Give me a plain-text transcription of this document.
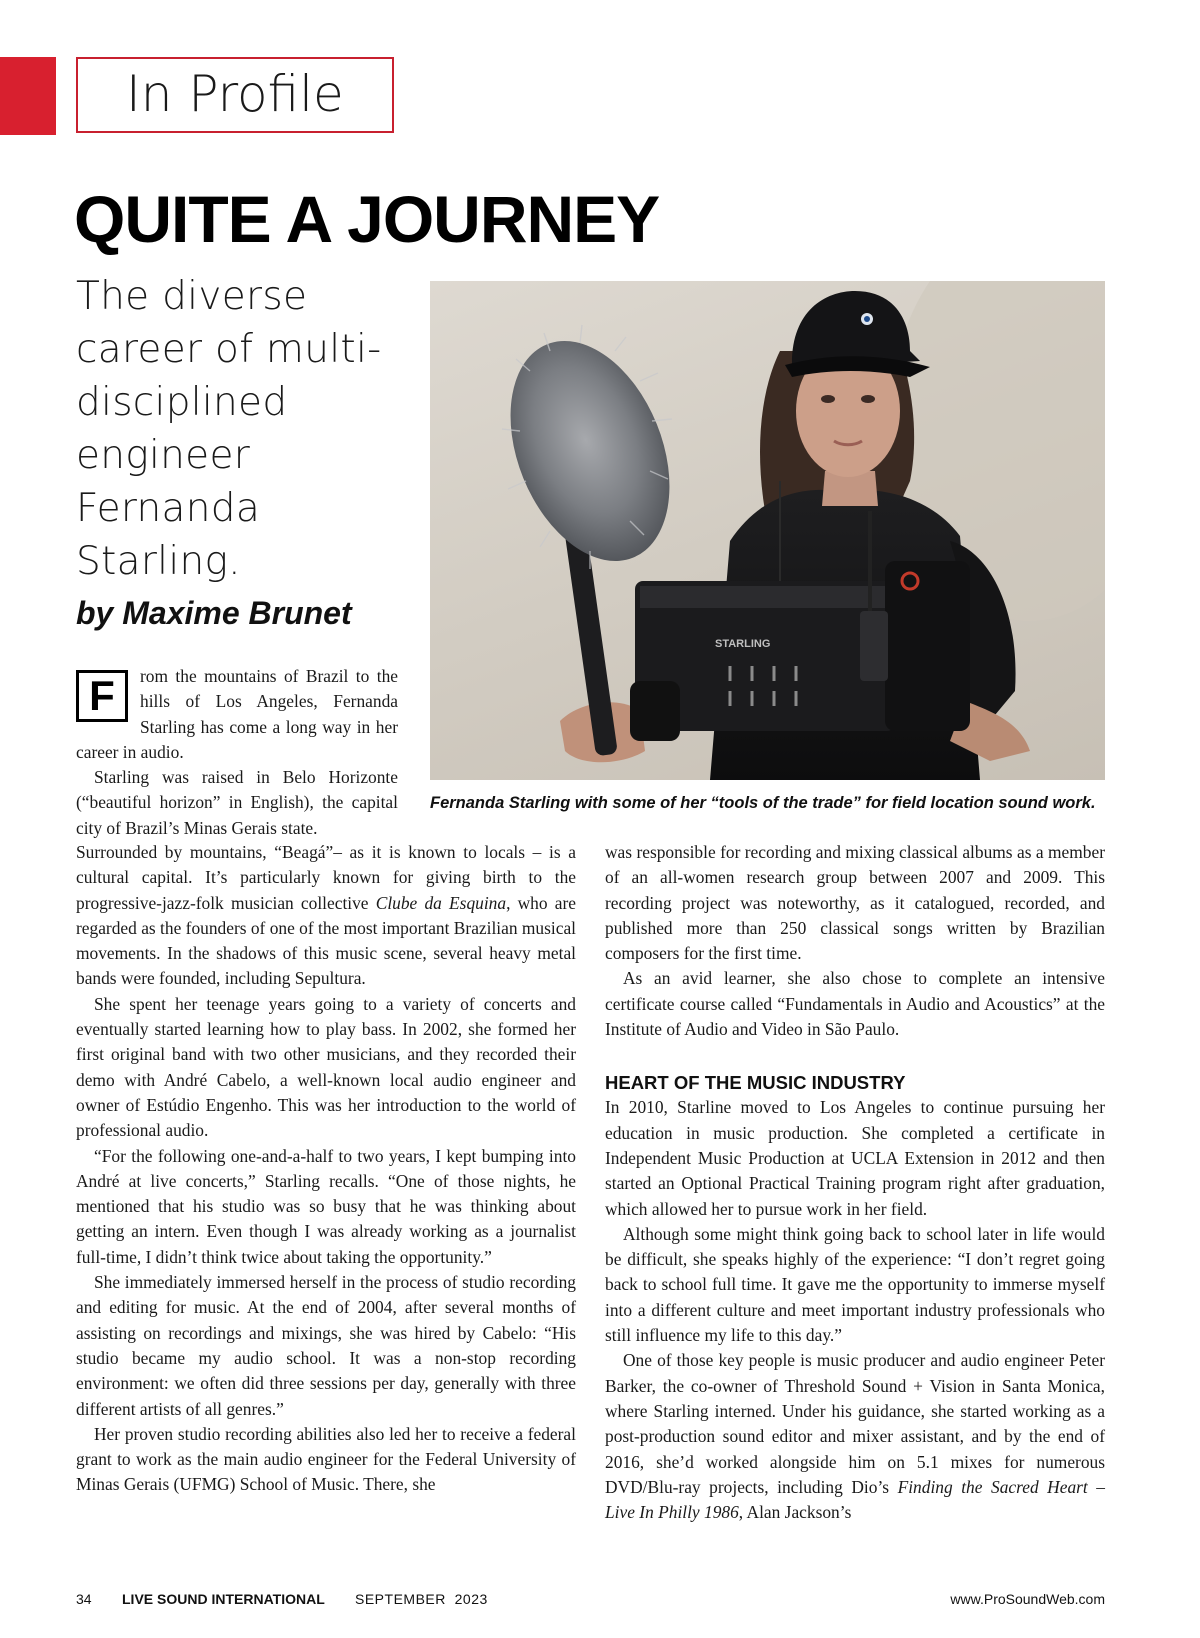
In Profile
QUITE A JOURNEY
The diverse career of multi-disciplined engineer Fernanda Starling.
by Maxime Brunet
STARLING
Fernanda Starling with some of her “tools of the trade” for field location sound work.
F	rom the mountains of Brazil to the hills of Los Angeles, Fernanda Starling has come a long way in her career in audio.

Starling was raised in Belo Horizonte (“beautiful horizon” in English), the capital city of Brazil’s Minas Gerais state.

Surrounded by mountains, “Beagá”– as it is known to locals – is a cultural capital. It’s particularly known for giving birth to the progressive-jazz-folk musician collective Clube da Esquina, who are regarded as the founders of one of the most important Brazilian musical movements. In the shadows of this music scene, several heavy metal bands were founded, including Sepultura.

She spent her teenage years going to a variety of concerts and eventually started learning how to play bass. In 2002, she formed her first original band with two other musicians, and they recorded their demo with André Cabelo, a well-known local audio engineer and owner of Estúdio Engenho. This was her introduction to the world of professional audio.

“For the following one-and-a-half to two years, I kept bumping into André at live concerts,” Starling recalls. “One of those nights, he mentioned that his studio was so busy that he was thinking about getting an intern. Even though I was already working as a journalist full-time, I didn’t think twice about taking the opportunity.”

She immediately immersed herself in the process of studio recording and editing for music. At the end of 2004, after several months of assisting on recordings and mixings, she was hired by Cabelo: “His studio became my audio school. It was a non-stop recording environment: we often did three sessions per day, generally with three different artists of all genres.”

Her proven studio recording abilities also led her to receive a federal grant to work as the main audio engineer for the Federal University of Minas Gerais (UFMG) School of Music. There, she

was responsible for recording and mixing classical albums as a member of an all-women research group between 2007 and 2009. This recording project was noteworthy, as it catalogued, recorded, and published more than 250 classical songs written by Brazilian composers for the first time.

As an avid learner, she also chose to complete an intensive certificate course called “Fundamentals in Audio and Acoustics” at the Institute of Audio and Video in São Paulo.

HEART OF THE MUSIC INDUSTRY

In 2010, Starline moved to Los Angeles to continue pursuing her education in music production. She completed a certificate in Independent Music Production at UCLA Extension in 2012 and then started an Optional Practical Training program right after graduation, which allowed her to pursue work in her field.

Although some might think going back to school later in life would be difficult, she speaks highly of the experience: “I don’t regret going back to school full time. It gave me the opportunity to immerse myself into a different culture and meet important industry professionals who still influence my life to this day.”

One of those key people is music producer and audio engineer Peter Barker, the co-owner of Threshold Sound + Vision in Santa Monica, where Starling interned. Under his guidance, she started working as a post-production sound editor and mixer assistant, and by the end of 2016, she’d worked alongside him on 5.1 mixes for numerous DVD/Blu-ray projects, including Dio’s Finding the Sacred Heart – Live In Philly 1986, Alan Jackson’s

34 LIVE SOUND INTERNATIONAL SEPTEMBER  2023	www.ProSoundWeb.com
